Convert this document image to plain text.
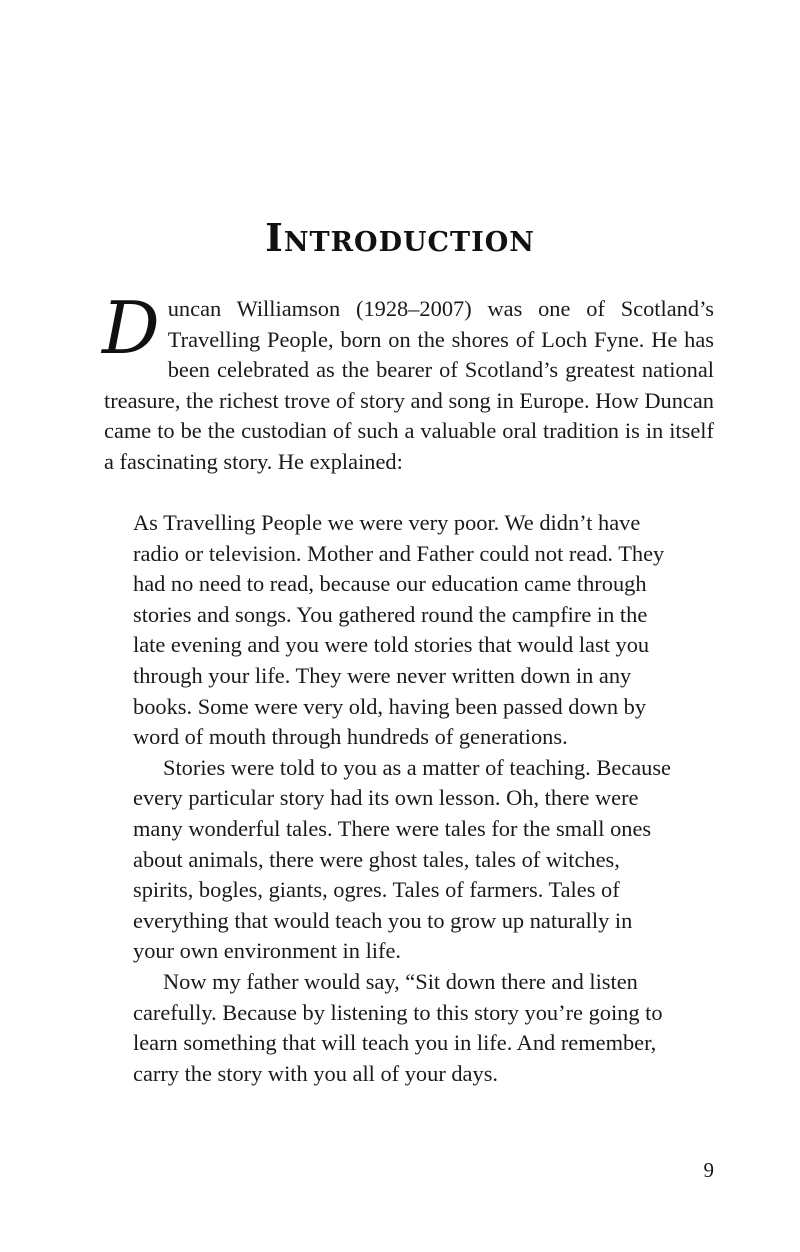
Introduction

Duncan Williamson (1928–2007) was one of Scotland’s Travelling People, born on the shores of Loch Fyne. He has been celebrated as the bearer of Scotland’s greatest national treasure, the richest trove of story and song in Europe. How Duncan came to be the custodian of such a valuable oral tradition is in itself a fascinating story. He explained:

As Travelling People we were very poor. We didn’t have radio or television. Mother and Father could not read. They had no need to read, because our education came through stories and songs. You gathered round the campfire in the late evening and you were told stories that would last you through your life. They were never written down in any books. Some were very old, having been passed down by word of mouth through hundreds of generations.

Stories were told to you as a matter of teaching. Because every particular story had its own lesson. Oh, there were many wonderful tales. There were tales for the small ones about animals, there were ghost tales, tales of witches, spirits, bogles, giants, ogres. Tales of farmers. Tales of everything that would teach you to grow up naturally in your own environment in life.

Now my father would say, “Sit down there and listen carefully. Because by listening to this story you’re going to learn something that will teach you in life. And remember, carry the story with you all of your days.

9
